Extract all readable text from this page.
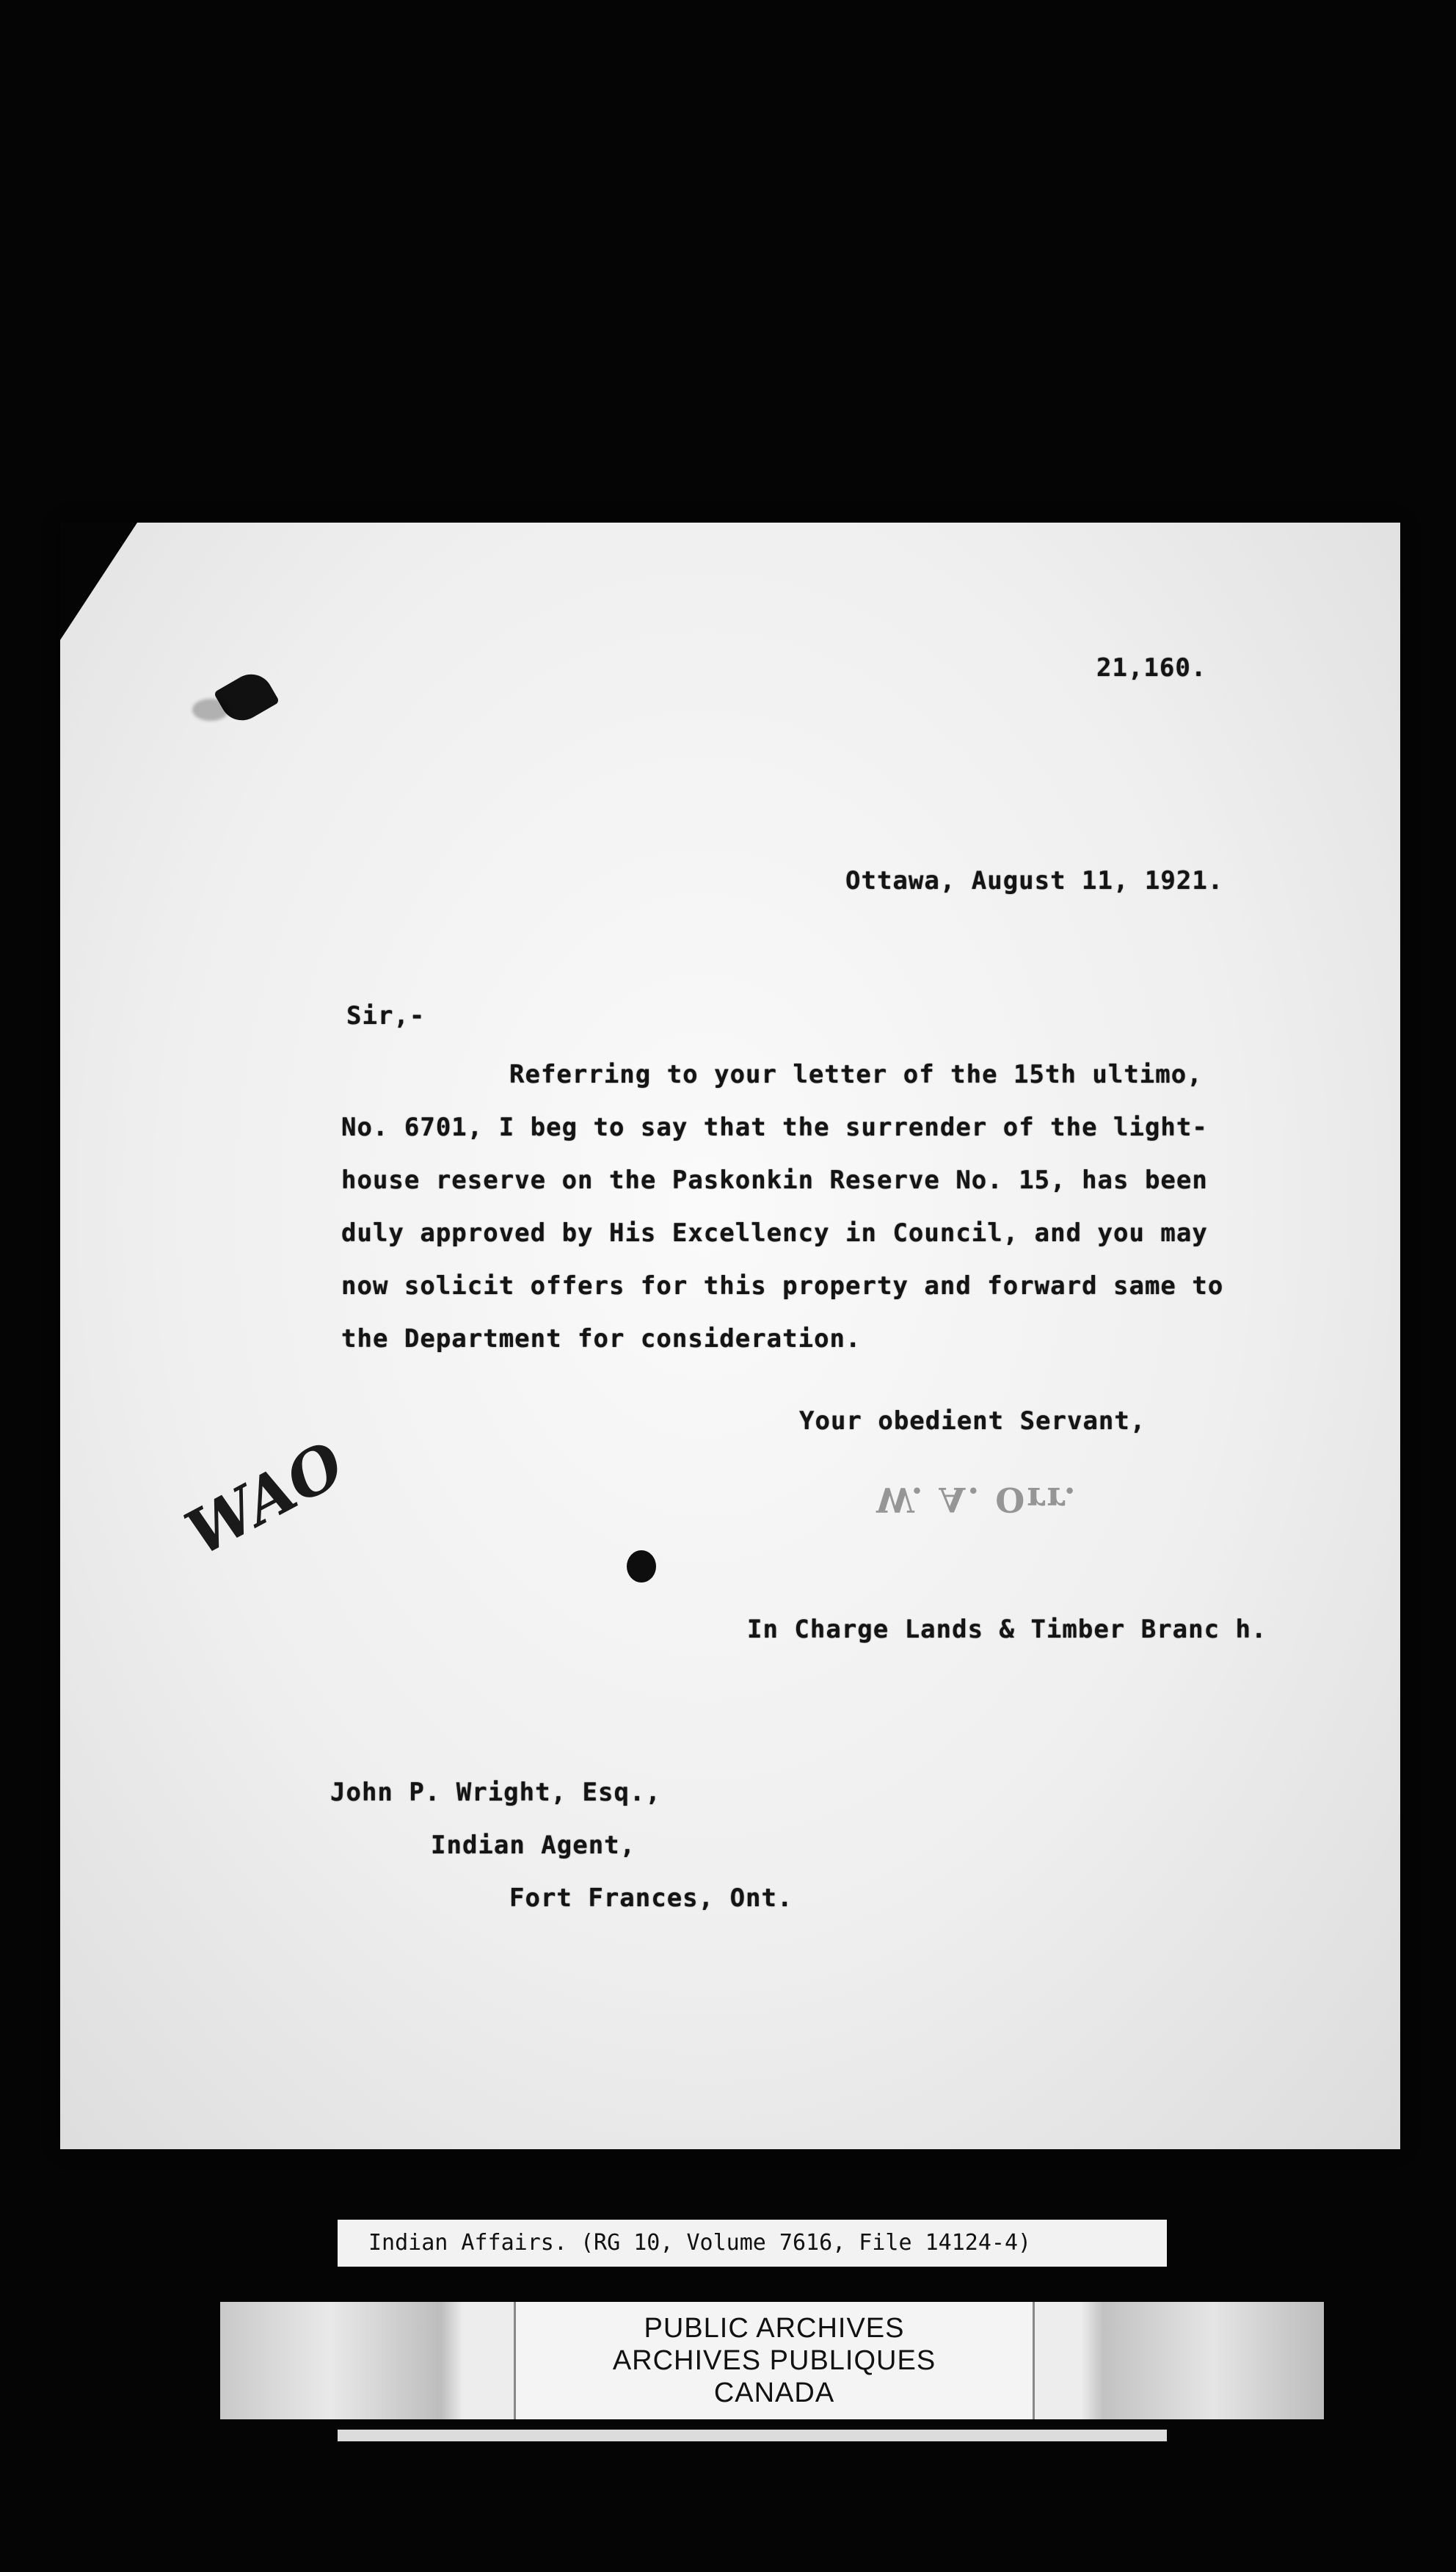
21,160.
Ottawa, August 11, 1921.
Sir,-
Referring to your letter of the 15th ultimo,
No. 6701, I beg to say that the surrender of the light-
house reserve on the Paskonkin Reserve No. 15, has been
duly approved by His Excellency in Council, and you may
now solicit offers for this property and forward same to
the Department for consideration.
Your obedient Servant,
W. A. Orr.
WAO
In Charge Lands & Timber Branc h.
John P. Wright, Esq.,
Indian Agent,
Fort Frances, Ont.
Indian Affairs. (RG 10, Volume 7616, File 14124-4)
PUBLIC ARCHIVES
ARCHIVES PUBLIQUES
CANADA
